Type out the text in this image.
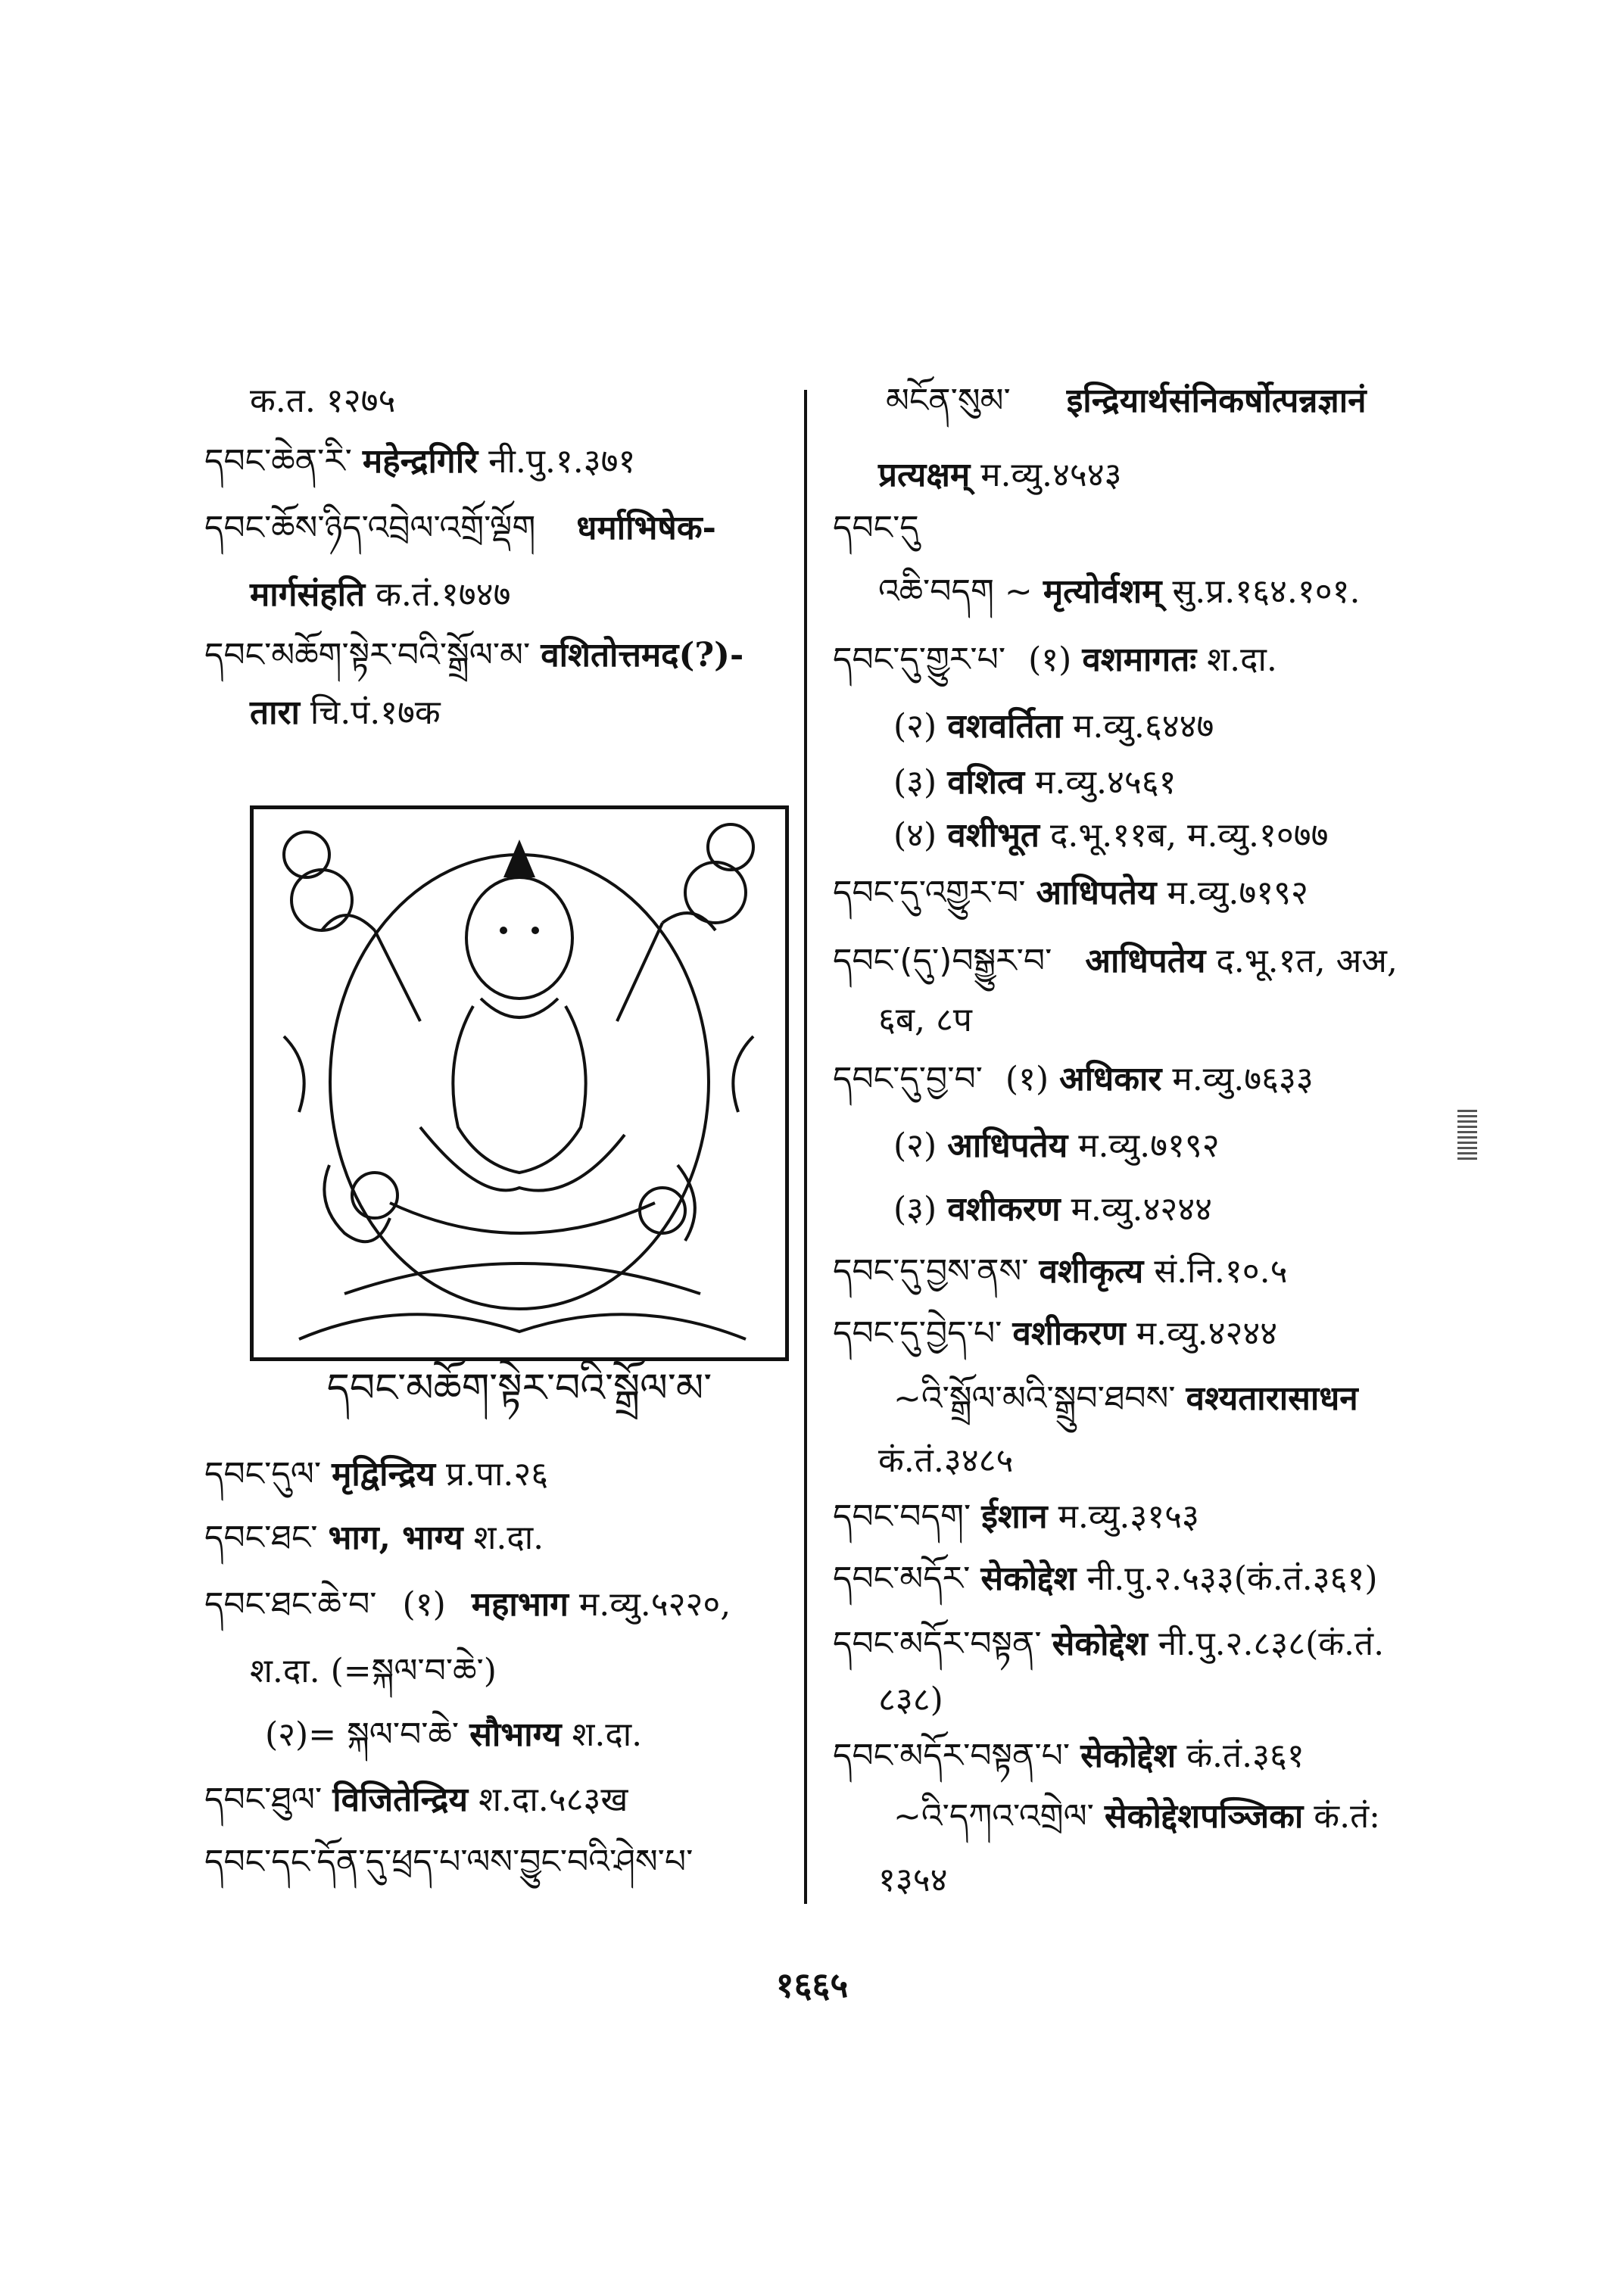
क.त. १२७५
དབང་ཆེན་རི་ महेन्द्रगिरि नी.पु.१.३७१
དབང་ཆོས་ཉིད་འབྲེལ་འགྲོ་ལྡོག धर्माभिषेक-
मार्गसंहति क.तं.१७४७
དབང་མཆོག་སྟེར་བའི་སྒྲོལ་མ་ वशितोत्तमद(?)-
तारा चि.पं.१७क
དབང་མཆོག་སྟེར་བའི་སྒྲོལ་མ་
དབང་དུལ་ मृद्विन्द्रिय प्र.पा.२६
དབང་ཐང་ भाग, भाग्य श.दा.
དབང་ཐང་ཆེ་བ་ (१) महाभाग म.व्यु.५२२०,
श.दा. (=སྐལ་བ་ཆེ་)
(२)= སྐལ་བ་ཆེ་ सौभाग्य श.दा.
དབང་ཐུལ་ विजितेन्द्रिय श.दा.५८३ख
དབང་དང་དོན་དུ་ཕྲད་པ་ལས་བྱུང་བའི་ཤེས་པ་
མངོན་སུམ་ इन्द्रियार्थसंनिकर्षोत्पन्नज्ञानं
प्रत्यक्षम् म.व्यु.४५४३
དབང་དུ
འཆི་བདག ~ मृत्योर्वशम् सु.प्र.१६४.१०१.
དབང་དུ་གྱུར་པ་ (१) वशमागतः श.दा.
(२) वशवर्तिता म.व्यु.६४४७
(३) वशित्व म.व्यु.४५६१
(४) वशीभूत द.भू.११ब, म.व्यु.१०७७
དབང་དུ་འགྱུར་བ་ आधिपतेय म.व्यु.७१९२
དབང་(དུ་)བསྒྱུར་བ་ आधिपतेय द.भू.१त, अअ,
६ब, ८प
དབང་དུ་བྱ་བ་ (१) अधिकार म.व्यु.७६३३
(२) आधिपतेय म.व्यु.७१९२
(३) वशीकरण म.व्यु.४२४४
དབང་དུ་བྱས་ནས་ वशीकृत्य सं.नि.१०.५
དབང་དུ་བྱེད་པ་ वशीकरण म.व्यु.४२४४
~འི་སྒྲོལ་མའི་སྒྲུབ་ཐབས་ वश्यतारासाधन
कं.तं.३४८५
དབང་བདག་ ईशान म.व्यु.३१५३
དབང་མདོར་ सेकोद्देश नी.पु.२.५३३(कं.तं.३६१)
དབང་མདོར་བསྟན་ सेकोद्देश नी.पु.२.८३८(कं.तं.
८३८)
དབང་མདོར་བསྟན་པ་ सेकोद्देश कं.तं.३६१
~འི་དཀའ་འགྲེལ་ सेकोद्देशपञ्जिका कं.तं:
१३५४
१६६५
